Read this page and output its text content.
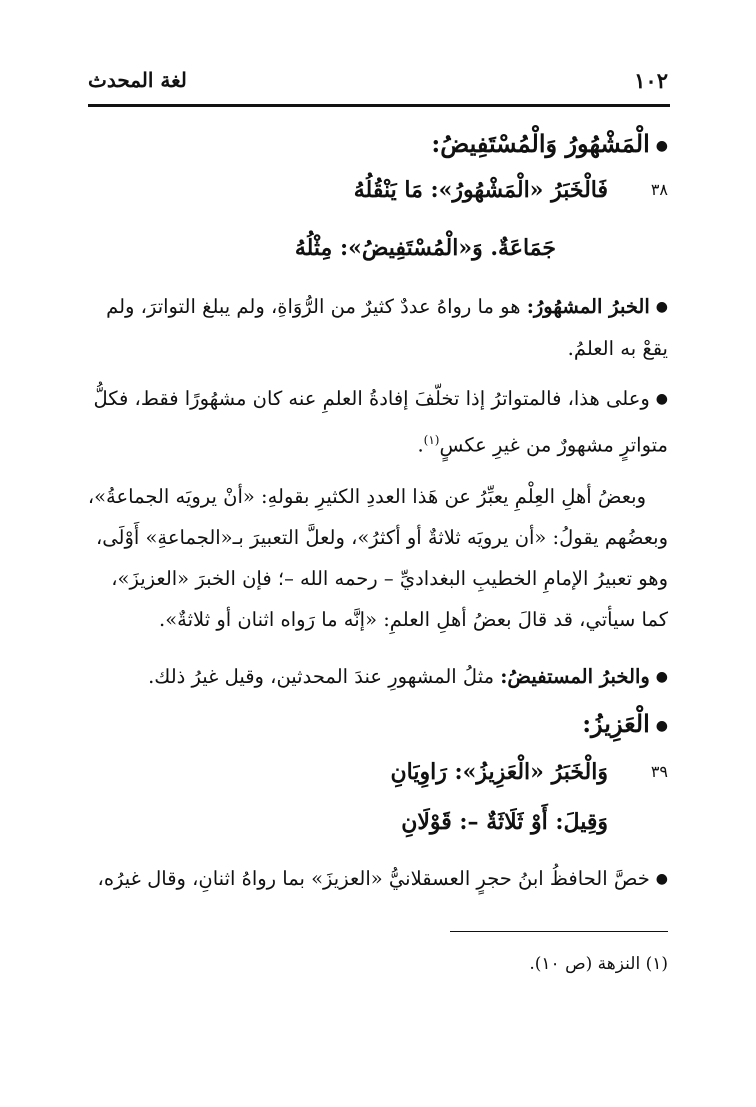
١٠٢
لغة المحدث
●الْمَشْهُورُ وَالْمُسْتَفِيضُ:
٣٨
فَالْخَبَرُ «الْمَشْهُورُ»: مَا يَنْقُلُهُ
جَمَاعَةٌ. وَ«الْمُسْتَفِيضُ»: مِثْلُهُ
●الخبرُ المشهُورُ: هو ما رواهُ عددٌ كثيرٌ من الرُّوَاةِ، ولم يبلغ التواترَ، ولم يقعْ به العلمُ.
●وعلى هذا، فالمتواترُ إذا تخلّفَ إفادةُ العلمِ عنه كان مشهُورًا فقط، فكلُّ متواترٍ مشهورٌ من غيرِ عكسٍ$^{(١)}$.
وبعضُ أهلِ العِلْمِ يعبِّرُ عن هَذا العددِ الكثيرِ بقولهِ: «أنْ يرويَه الجماعةُ»، وبعضُهم يقولُ: «أن يرويَه ثلاثةٌ أو أكثرُ»، ولعلَّ التعبيرَ بـ«الجماعةِ» أَوْلَى، وهو تعبيرُ الإمامِ الخطيبِ البغداديِّ – رحمه الله –؛ فإن الخبرَ «العزيزَ»، كما سيأتي، قد قالَ بعضُ أهلِ العلمِ: «إنَّه ما رَواه اثنان أو ثلاثةٌ».
●والخبرُ المستفيضُ: مثلُ المشهورِ عندَ المحدثين، وقيل غيرُ ذلك.
●الْعَزِيزُ:
٣٩
وَالْخَبَرُ «الْعَزِيزُ»: رَاوِيَانِ
وَقِيلَ: أَوْ ثَلَاثَةٌ –: قَوْلَانِ
●خصَّ الحافظُ ابنُ حجرٍ العسقلانيُّ «العزيزَ» بما رواهُ اثنانِ، وقال غيرُه،
(١) النزهة (ص ١٠).
